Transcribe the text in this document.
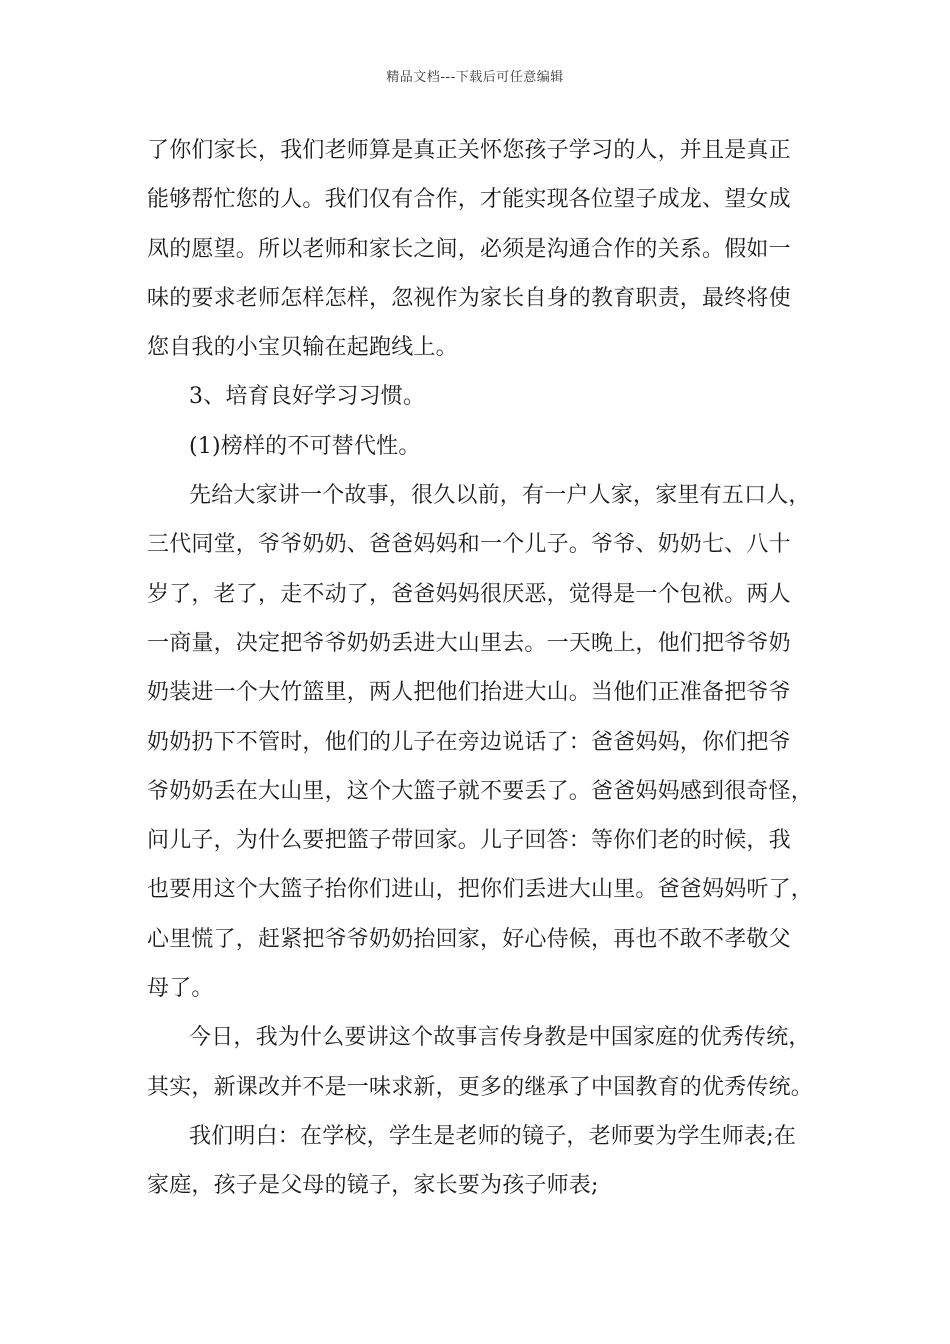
精品文档---下载后可任意编辑
了你们家长，我们老师算是真正关怀您孩子学习的人，并且是真正
能够帮忙您的人。我们仅有合作，才能实现各位望子成龙、望女成
凤的愿望。所以老师和家长之间，必须是沟通合作的关系。假如一
味的要求老师怎样怎样，忽视作为家长自身的教育职责，最终将使
您自我的小宝贝输在起跑线上。
3、培育良好学习习惯。
(1)榜样的不可替代性。
先给大家讲一个故事，很久以前，有一户人家，家里有五口人，
三代同堂，爷爷奶奶、爸爸妈妈和一个儿子。爷爷、奶奶七、八十
岁了，老了，走不动了，爸爸妈妈很厌恶，觉得是一个包袱。两人
一商量，决定把爷爷奶奶丢进大山里去。一天晚上，他们把爷爷奶
奶装进一个大竹篮里，两人把他们抬进大山。当他们正准备把爷爷
奶奶扔下不管时，他们的儿子在旁边说话了：爸爸妈妈，你们把爷
爷奶奶丢在大山里，这个大篮子就不要丢了。爸爸妈妈感到很奇怪，
问儿子，为什么要把篮子带回家。儿子回答：等你们老的时候，我
也要用这个大篮子抬你们进山，把你们丢进大山里。爸爸妈妈听了，
心里慌了，赶紧把爷爷奶奶抬回家，好心侍候，再也不敢不孝敬父
母了。
今日，我为什么要讲这个故事言传身教是中国家庭的优秀传统，
其实，新课改并不是一味求新，更多的继承了中国教育的优秀传统。
我们明白：在学校，学生是老师的镜子，老师要为学生师表;在
家庭，孩子是父母的镜子，家长要为孩子师表;
